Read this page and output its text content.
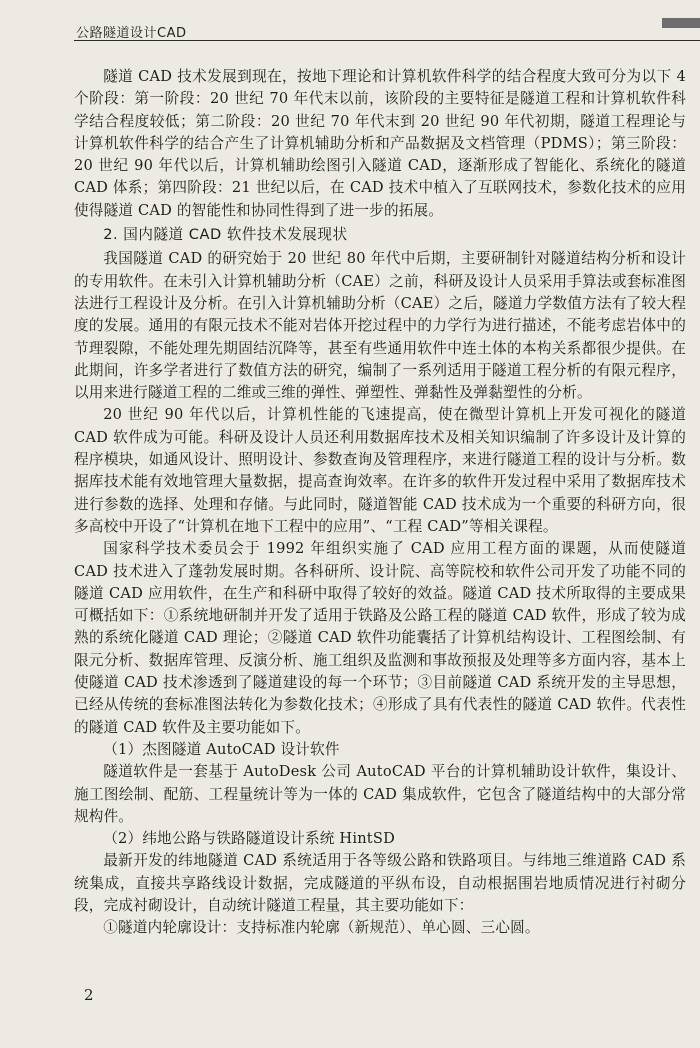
公路隧道设计CAD

隧道 CAD 技术发展到现在，按地下理论和计算机软件科学的结合程度大致可分为以下 4 个阶段：第一阶段：20 世纪 70 年代末以前，该阶段的主要特征是隧道工程和计算机软件科学结合程度较低；第二阶段：20 世纪 70 年代末到 20 世纪 90 年代初期，隧道工程理论与计算机软件科学的结合产生了计算机辅助分析和产品数据及文档管理（PDMS）；第三阶段：20 世纪 90 年代以后，计算机辅助绘图引入隧道 CAD，逐渐形成了智能化、系统化的隧道 CAD 体系；第四阶段：21 世纪以后，在 CAD 技术中植入了互联网技术，参数化技术的应用使得隧道 CAD 的智能性和协同性得到了进一步的拓展。

2. 国内隧道 CAD 软件技术发展现状

我国隧道 CAD 的研究始于 20 世纪 80 年代中后期，主要研制针对隧道结构分析和设计的专用软件。在未引入计算机辅助分析（CAE）之前，科研及设计人员采用手算法或套标准图法进行工程设计及分析。在引入计算机辅助分析（CAE）之后，隧道力学数值方法有了较大程度的发展。通用的有限元技术不能对岩体开挖过程中的力学行为进行描述，不能考虑岩体中的节理裂隙，不能处理先期固结沉降等，甚至有些通用软件中连土体的本构关系都很少提供。在此期间，许多学者进行了数值方法的研究，编制了一系列适用于隧道工程分析的有限元程序，以用来进行隧道工程的二维或三维的弹性、弹塑性、弹黏性及弹黏塑性的分析。

20 世纪 90 年代以后，计算机性能的飞速提高，使在微型计算机上开发可视化的隧道 CAD 软件成为可能。科研及设计人员还利用数据库技术及相关知识编制了许多设计及计算的程序模块，如通风设计、照明设计、参数查询及管理程序，来进行隧道工程的设计与分析。数据库技术能有效地管理大量数据，提高查询效率。在许多的软件开发过程中采用了数据库技术进行参数的选择、处理和存储。与此同时，隧道智能 CAD 技术成为一个重要的科研方向，很多高校中开设了“计算机在地下工程中的应用”、“工程 CAD”等相关课程。

国家科学技术委员会于 1992 年组织实施了 CAD 应用工程方面的课题，从而使隧道 CAD 技术进入了蓬勃发展时期。各科研所、设计院、高等院校和软件公司开发了功能不同的隧道 CAD 应用软件，在生产和科研中取得了较好的效益。隧道 CAD 技术所取得的主要成果可概括如下：①系统地研制并开发了适用于铁路及公路工程的隧道 CAD 软件，形成了较为成熟的系统化隧道 CAD 理论；②隧道 CAD 软件功能囊括了计算机结构设计、工程图绘制、有限元分析、数据库管理、反演分析、施工组织及监测和事故预报及处理等多方面内容，基本上使隧道 CAD 技术渗透到了隧道建设的每一个环节；③目前隧道 CAD 系统开发的主导思想，已经从传统的套标准图法转化为参数化技术；④形成了具有代表性的隧道 CAD 软件。代表性的隧道 CAD 软件及主要功能如下。

（1）杰图隧道 AutoCAD 设计软件

隧道软件是一套基于 AutoDesk 公司 AutoCAD 平台的计算机辅助设计软件，集设计、施工图绘制、配筋、工程量统计等为一体的 CAD 集成软件，它包含了隧道结构中的大部分常规构件。

（2）纬地公路与铁路隧道设计系统 HintSD

最新开发的纬地隧道 CAD 系统适用于各等级公路和铁路项目。与纬地三维道路 CAD 系统集成，直接共享路线设计数据，完成隧道的平纵布设，自动根据围岩地质情况进行衬砌分段，完成衬砌设计，自动统计隧道工程量，其主要功能如下：

①隧道内轮廓设计：支持标准内轮廓（新规范）、单心圆、三心圆。

2
